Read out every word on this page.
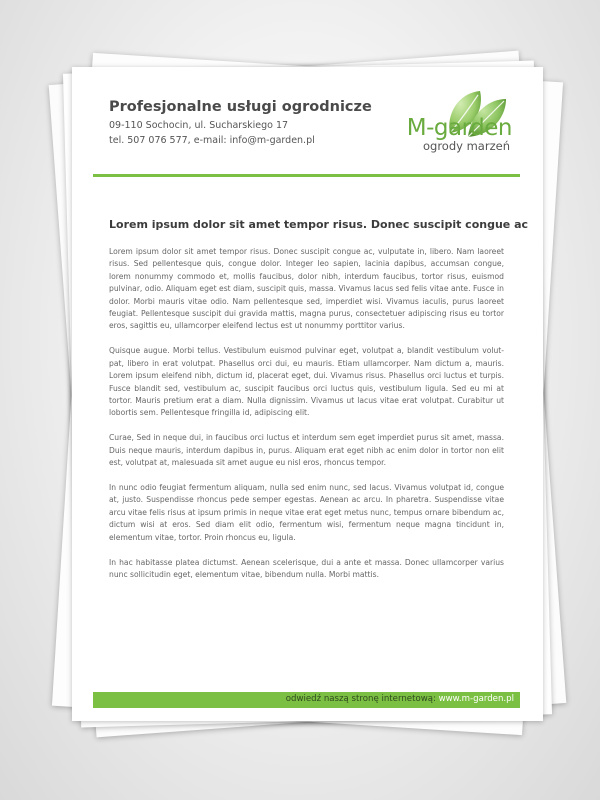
Profesjonalne usługi ogrodnicze
09-110 Sochocin, ul. Sucharskiego 17
tel. 507 076 577, e-mail: info@m-garden.pl	M-garden
ogrody marzeń
Lorem ipsum dolor sit amet tempor risus. Donec suscipit congue ac

Lorem ipsum dolor sit amet tempor risus. Donec suscipit congue ac, vulputate in, libero. Nam laoreet risus. Sed pellentesque quis, congue dolor. Integer leo sapien, lacinia dapibus, accumsan congue, lorem nonummy commodo et, mollis faucibus, dolor nibh, interdum faucibus, tortor risus, euismod pulvinar, odio. Aliquam eget est diam, suscipit quis, massa. Vivamus lacus sed felis vitae ante. Fusce in dolor. Morbi mauris vitae odio. Nam pellentesque sed, imperdiet wisi. Vivamus iaculis, purus laoreet feugiat. Pellentesque suscipit dui gravida mattis, magna purus, consectetuer adipiscing risus eu tortor eros, sagittis eu, ullamcorper eleifend lectus est ut nonummy porttitor varius.

Quisque augue. Morbi tellus. Vestibulum euismod pulvinar eget, volutpat a, blandit vestibulum volut-pat, libero in erat volutpat. Phasellus orci dui, eu mauris. Etiam ullamcorper. Nam dictum a, mauris. Lorem ipsum eleifend nibh, dictum id, placerat eget, dui. Vivamus risus. Phasellus orci luctus et turpis. Fusce blandit sed, vestibulum ac, suscipit faucibus orci luctus quis, vestibulum ligula. Sed eu mi at tortor. Mauris pretium erat a diam. Nulla dignissim. Vivamus ut lacus vitae erat volutpat. Curabitur ut lobortis sem. Pellentesque fringilla id, adipiscing elit.

Curae, Sed in neque dui, in faucibus orci luctus et interdum sem eget imperdiet purus sit amet, massa. Duis neque mauris, interdum dapibus in, purus. Aliquam erat eget nibh ac enim dolor in tortor non elit est, volutpat at, malesuada sit amet augue eu nisl eros, rhoncus tempor.

In nunc odio feugiat fermentum aliquam, nulla sed enim nunc, sed lacus. Vivamus volutpat id, congue at, justo. Suspendisse rhoncus pede semper egestas. Aenean ac arcu. In pharetra. Suspendisse vitae arcu vitae felis risus at ipsum primis in neque vitae erat eget metus nunc, tempus ornare bibendum ac, dictum wisi at eros. Sed diam elit odio, fermentum wisi, fermentum neque magna tincidunt in, elementum vitae, tortor. Proin rhoncus eu, ligula.

In hac habitasse platea dictumst. Aenean scelerisque, dui a ante et massa. Donec ullamcorper varius nunc sollicitudin eget, elementum vitae, bibendum nulla. Morbi mattis.

odwiedź naszą stronę internetową: www.m-garden.pl
